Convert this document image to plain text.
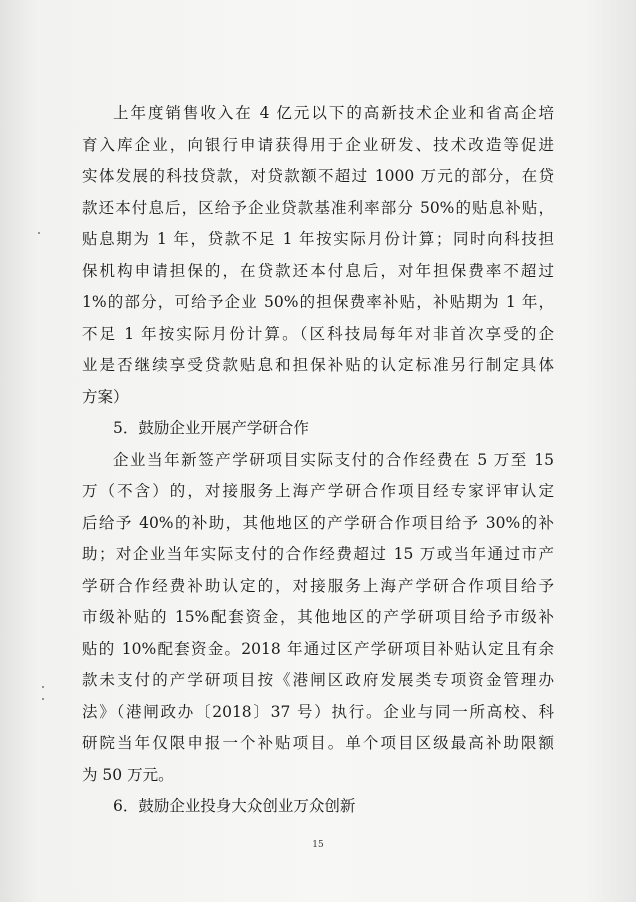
上年度销售收入在 4 亿元以下的高新技术企业和省高企培
育入库企业，向银行申请获得用于企业研发、技术改造等促进
实体发展的科技贷款，对贷款额不超过 1000 万元的部分，在贷
款还本付息后，区给予企业贷款基准利率部分 50%的贴息补贴，
贴息期为 1 年，贷款不足 1 年按实际月份计算；同时向科技担
保机构申请担保的，在贷款还本付息后，对年担保费率不超过
1%的部分，可给予企业 50%的担保费率补贴，补贴期为 1 年，
不足 1 年按实际月份计算。（区科技局每年对非首次享受的企
业是否继续享受贷款贴息和担保补贴的认定标准另行制定具体
方案）
5．鼓励企业开展产学研合作
企业当年新签产学研项目实际支付的合作经费在 5 万至 15
万（不含）的，对接服务上海产学研合作项目经专家评审认定
后给予 40%的补助，其他地区的产学研合作项目给予 30%的补
助；对企业当年实际支付的合作经费超过 15 万或当年通过市产
学研合作经费补助认定的，对接服务上海产学研合作项目给予
市级补贴的 15%配套资金，其他地区的产学研项目给予市级补
贴的 10%配套资金。2018 年通过区产学研项目补贴认定且有余
款未支付的产学研项目按《港闸区政府发展类专项资金管理办
法》（港闸政办〔2018〕37 号）执行。企业与同一所高校、科
研院当年仅限申报一个补贴项目。单个项目区级最高补助限额
为 50 万元。
6．鼓励企业投身大众创业万众创新
15
